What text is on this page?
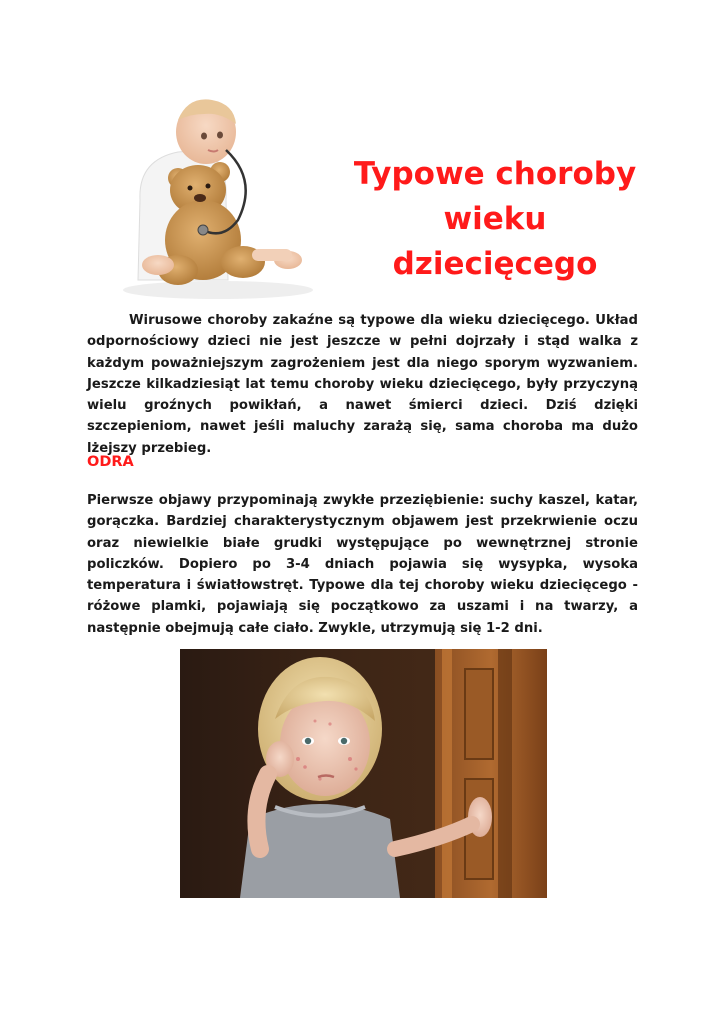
Typowe choroby
wieku
dziecięcego

Wirusowe choroby zakaźne są typowe dla wieku dziecięcego. Układ odpornościowy dzieci nie jest jeszcze w pełni dojrzały i stąd walka z każdym poważniejszym zagrożeniem jest dla niego sporym wyzwaniem. Jeszcze kilkadziesiąt lat temu choroby wieku dziecięcego, były przyczyną wielu groźnych powikłań, a nawet śmierci dzieci. Dziś dzięki szczepieniom, nawet jeśli maluchy zarażą się, sama choroba ma dużo lżejszy przebieg.

ODRA

Pierwsze objawy przypominają zwykłe przeziębienie: suchy kaszel, katar, gorączka. Bardziej charakterystycznym objawem jest przekrwienie oczu oraz niewielkie białe grudki występujące po wewnętrznej stronie policzków. Dopiero po 3-4 dniach pojawia się wysypka, wysoka temperatura i światłowstręt. Typowe dla tej choroby wieku dziecięcego - różowe plamki, pojawiają się początkowo za uszami i na twarzy, a następnie obejmują całe ciało. Zwykle, utrzymują się 1-2 dni.
